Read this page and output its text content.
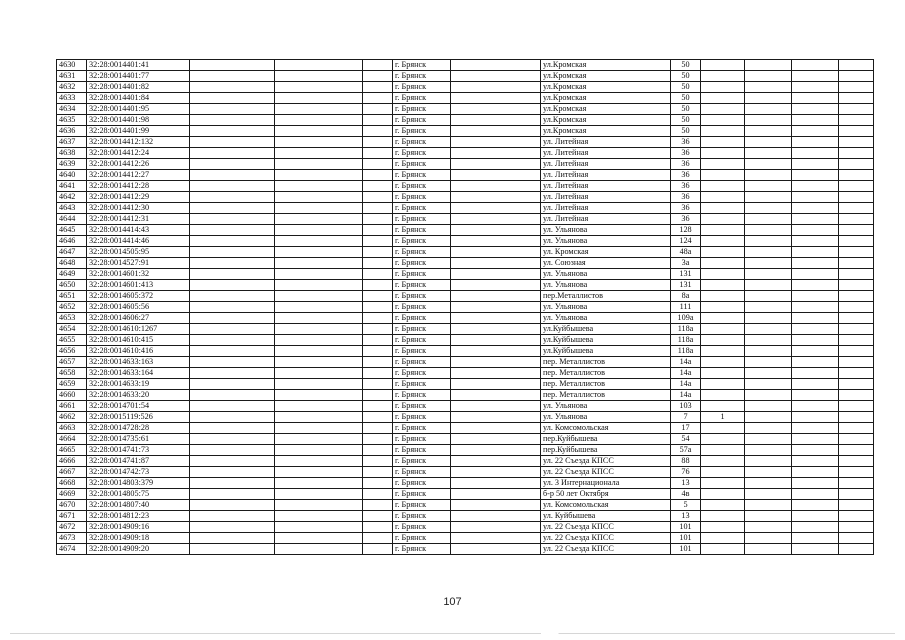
4630	32:28:0014401:41				г. Брянск		ул.Кромская	50				
4631	32:28:0014401:77				г. Брянск		ул.Кромская	50				
4632	32:28:0014401:82				г. Брянск		ул.Кромская	50				
4633	32:28:0014401:84				г. Брянск		ул.Кромская	50				
4634	32:28:0014401:95				г. Брянск		ул.Кромская	50				
4635	32:28:0014401:98				г. Брянск		ул.Кромская	50				
4636	32:28:0014401:99				г. Брянск		ул.Кромская	50				
4637	32:28:0014412:132				г. Брянск		ул. Литейная	36				
4638	32:28:0014412:24				г. Брянск		ул. Литейная	36				
4639	32:28:0014412:26				г. Брянск		ул. Литейная	36				
4640	32:28:0014412:27				г. Брянск		ул. Литейная	36				
4641	32:28:0014412:28				г. Брянск		ул. Литейная	36				
4642	32:28:0014412:29				г. Брянск		ул. Литейная	36				
4643	32:28:0014412:30				г. Брянск		ул. Литейная	36				
4644	32:28:0014412:31				г. Брянск		ул. Литейная	36				
4645	32:28:0014414:43				г. Брянск		ул. Ульянова	128				
4646	32:28:0014414:46				г. Брянск		ул. Ульянова	124				
4647	32:28:0014505:95				г. Брянск		ул. Кромская	48а				
4648	32:28:0014527:91				г. Брянск		ул. Союзная	3а				
4649	32:28:0014601:32				г. Брянск		ул. Ульянова	131				
4650	32:28:0014601:413				г. Брянск		ул. Ульянова	131				
4651	32:28:0014605:372				г. Брянск		пер.Металлистов	8а				
4652	32:28:0014605:56				г. Брянск		ул. Ульянова	111				
4653	32:28:0014606:27				г. Брянск		ул. Ульянова	109а				
4654	32:28:0014610:1267				г. Брянск		ул.Куйбышева	118а				
4655	32:28:0014610:415				г. Брянск		ул.Куйбышева	118а				
4656	32:28:0014610:416				г. Брянск		ул.Куйбышева	118а				
4657	32:28:0014633:163				г. Брянск		пер. Металлистов	14а				
4658	32:28:0014633:164				г. Брянск		пер. Металлистов	14а				
4659	32:28:0014633:19				г. Брянск		пер. Металлистов	14а				
4660	32:28:0014633:20				г. Брянск		пер. Металлистов	14а				
4661	32:28:0014701:54				г. Брянск		ул. Ульянова	103				
4662	32:28:0015119:526				г. Брянск		ул. Ульянова	7	1			
4663	32:28:0014728:28				г. Брянск		ул. Комсомольская	17				
4664	32:28:0014735:61				г. Брянск		пер.Куйбышева	54				
4665	32:28:0014741:73				г. Брянск		пер.Куйбышева	57а				
4666	32:28:0014741:87				г. Брянск		ул. 22 Съезда КПСС	88				
4667	32:28:0014742:73				г. Брянск		ул. 22 Съезда КПСС	76				
4668	32:28:0014803:379				г. Брянск		ул. 3 Интернационала	13				
4669	32:28:0014805:75				г. Брянск		б-р 50 лет Октября	4в				
4670	32:28:0014807:40				г. Брянск		ул. Комсомольская	5				
4671	32:28:0014812:23				г. Брянск		ул. Куйбышева	13				
4672	32:28:0014909:16				г. Брянск		ул. 22 Съезда КПСС	101				
4673	32:28:0014909:18				г. Брянск		ул. 22 Съезда КПСС	101				
4674	32:28:0014909:20				г. Брянск		ул. 22 Съезда КПСС	101				
107
